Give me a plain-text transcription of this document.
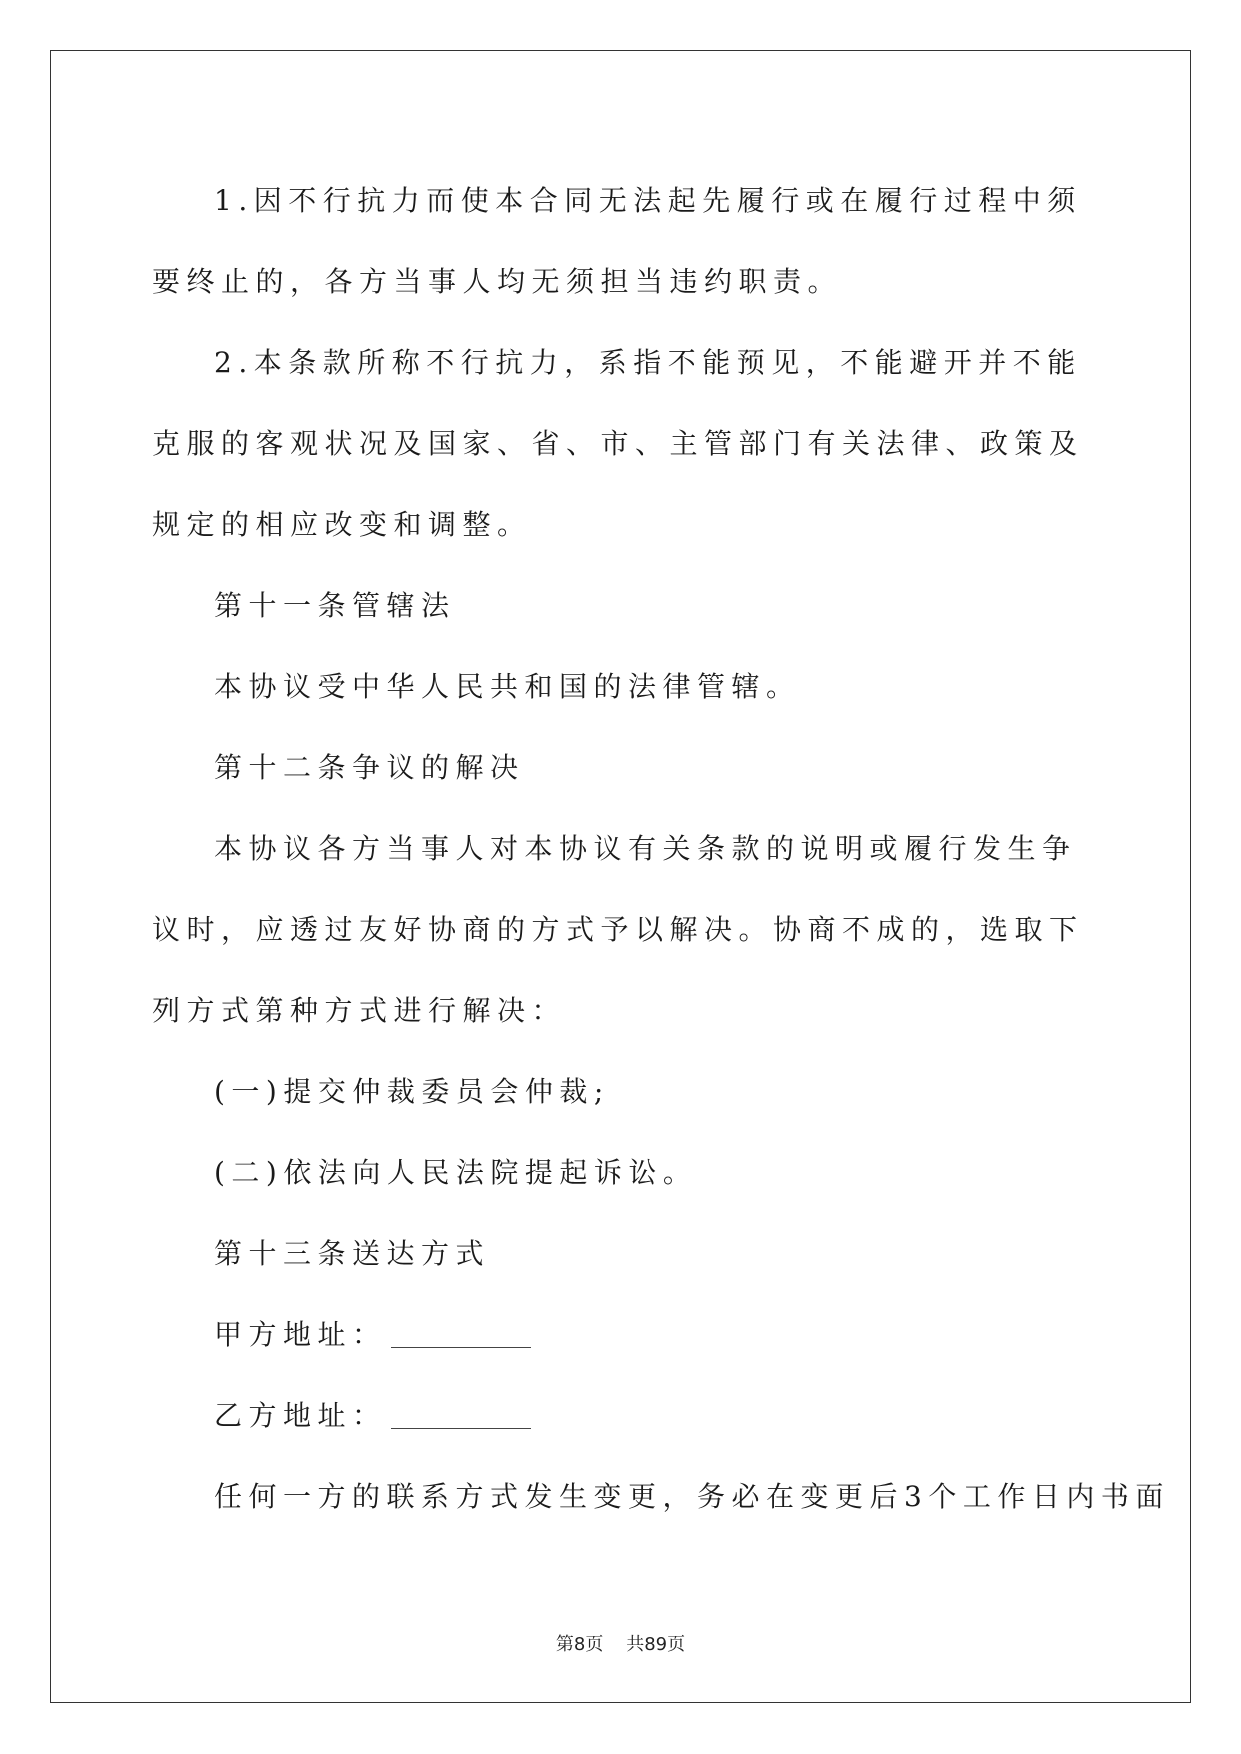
1.因不行抗力而使本合同无法起先履行或在履行过程中须要终止的，各方当事人均无须担当违约职责。

2.本条款所称不行抗力，系指不能预见，不能避开并不能克服的客观状况及国家、省、市、主管部门有关法律、政策及规定的相应改变和调整。

第十一条管辖法

本协议受中华人民共和国的法律管辖。

第十二条争议的解决

本协议各方当事人对本协议有关条款的说明或履行发生争议时，应透过友好协商的方式予以解决。协商不成的，选取下列方式第种方式进行解决：

(一)提交仲裁委员会仲裁;

(二)依法向人民法院提起诉讼。

第十三条送达方式

甲方地址：

乙方地址：

任何一方的联系方式发生变更，务必在变更后3个工作日内书面

第8页 共89页
